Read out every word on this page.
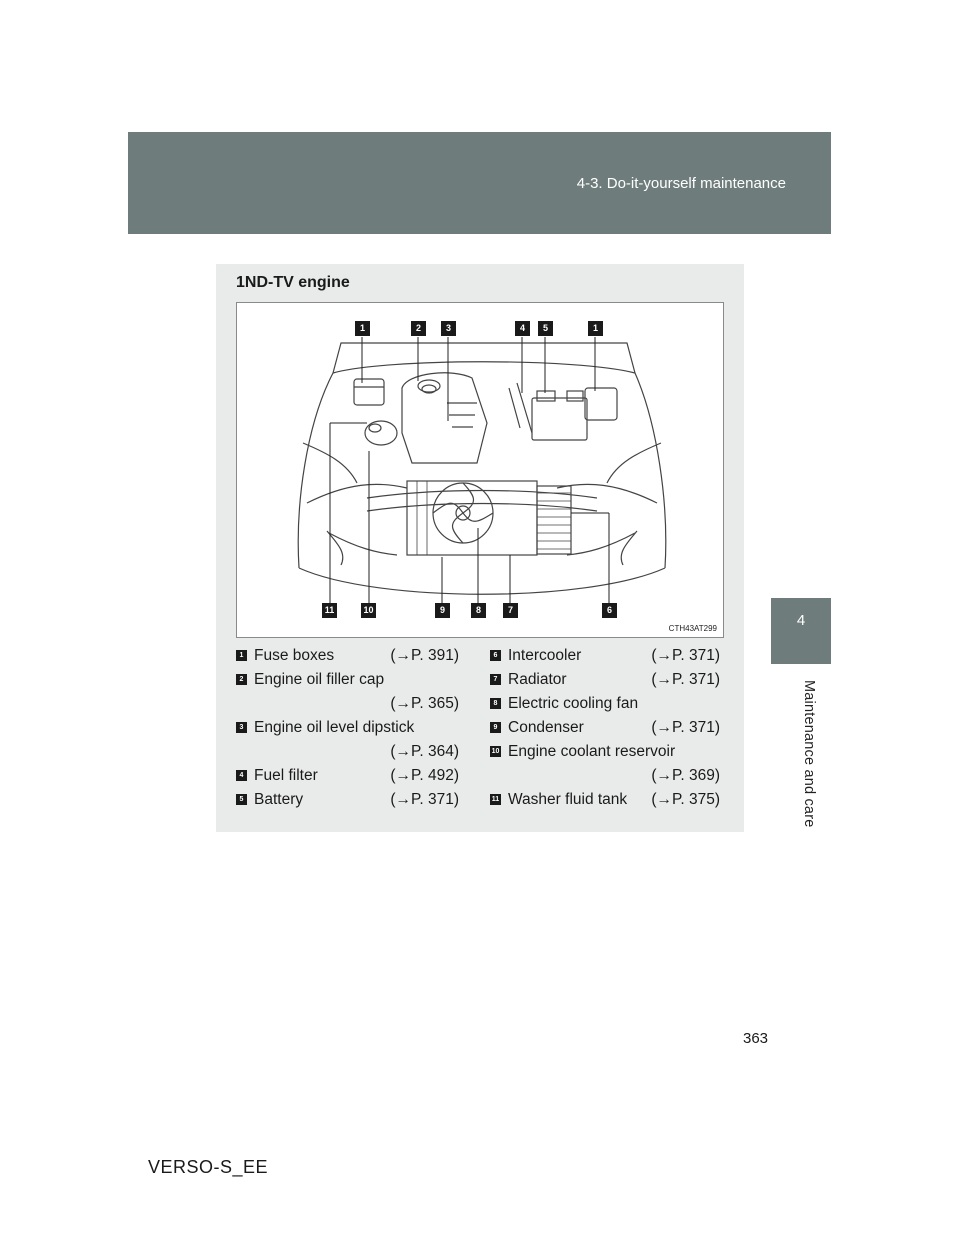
4-3. Do-it-yourself maintenance
4
Maintenance and care
1ND-TV engine
1	2	3	4	5	1
11	10	9	8	7	6
CTH43AT299
1 Fuse boxes	(→P. 391)
2 Engine oil filler cap
(→P. 365)
3 Engine oil level dipstick
(→P. 364)
4 Fuel filter	(→P. 492)
5 Battery	(→P. 371)
6 Intercooler	(→P. 371)
7 Radiator	(→P. 371)
8 Electric cooling fan
9 Condenser	(→P. 371)
10 Engine coolant reservoir
(→P. 369)
11 Washer fluid tank (→P. 375)
363
VERSO-S_EE
